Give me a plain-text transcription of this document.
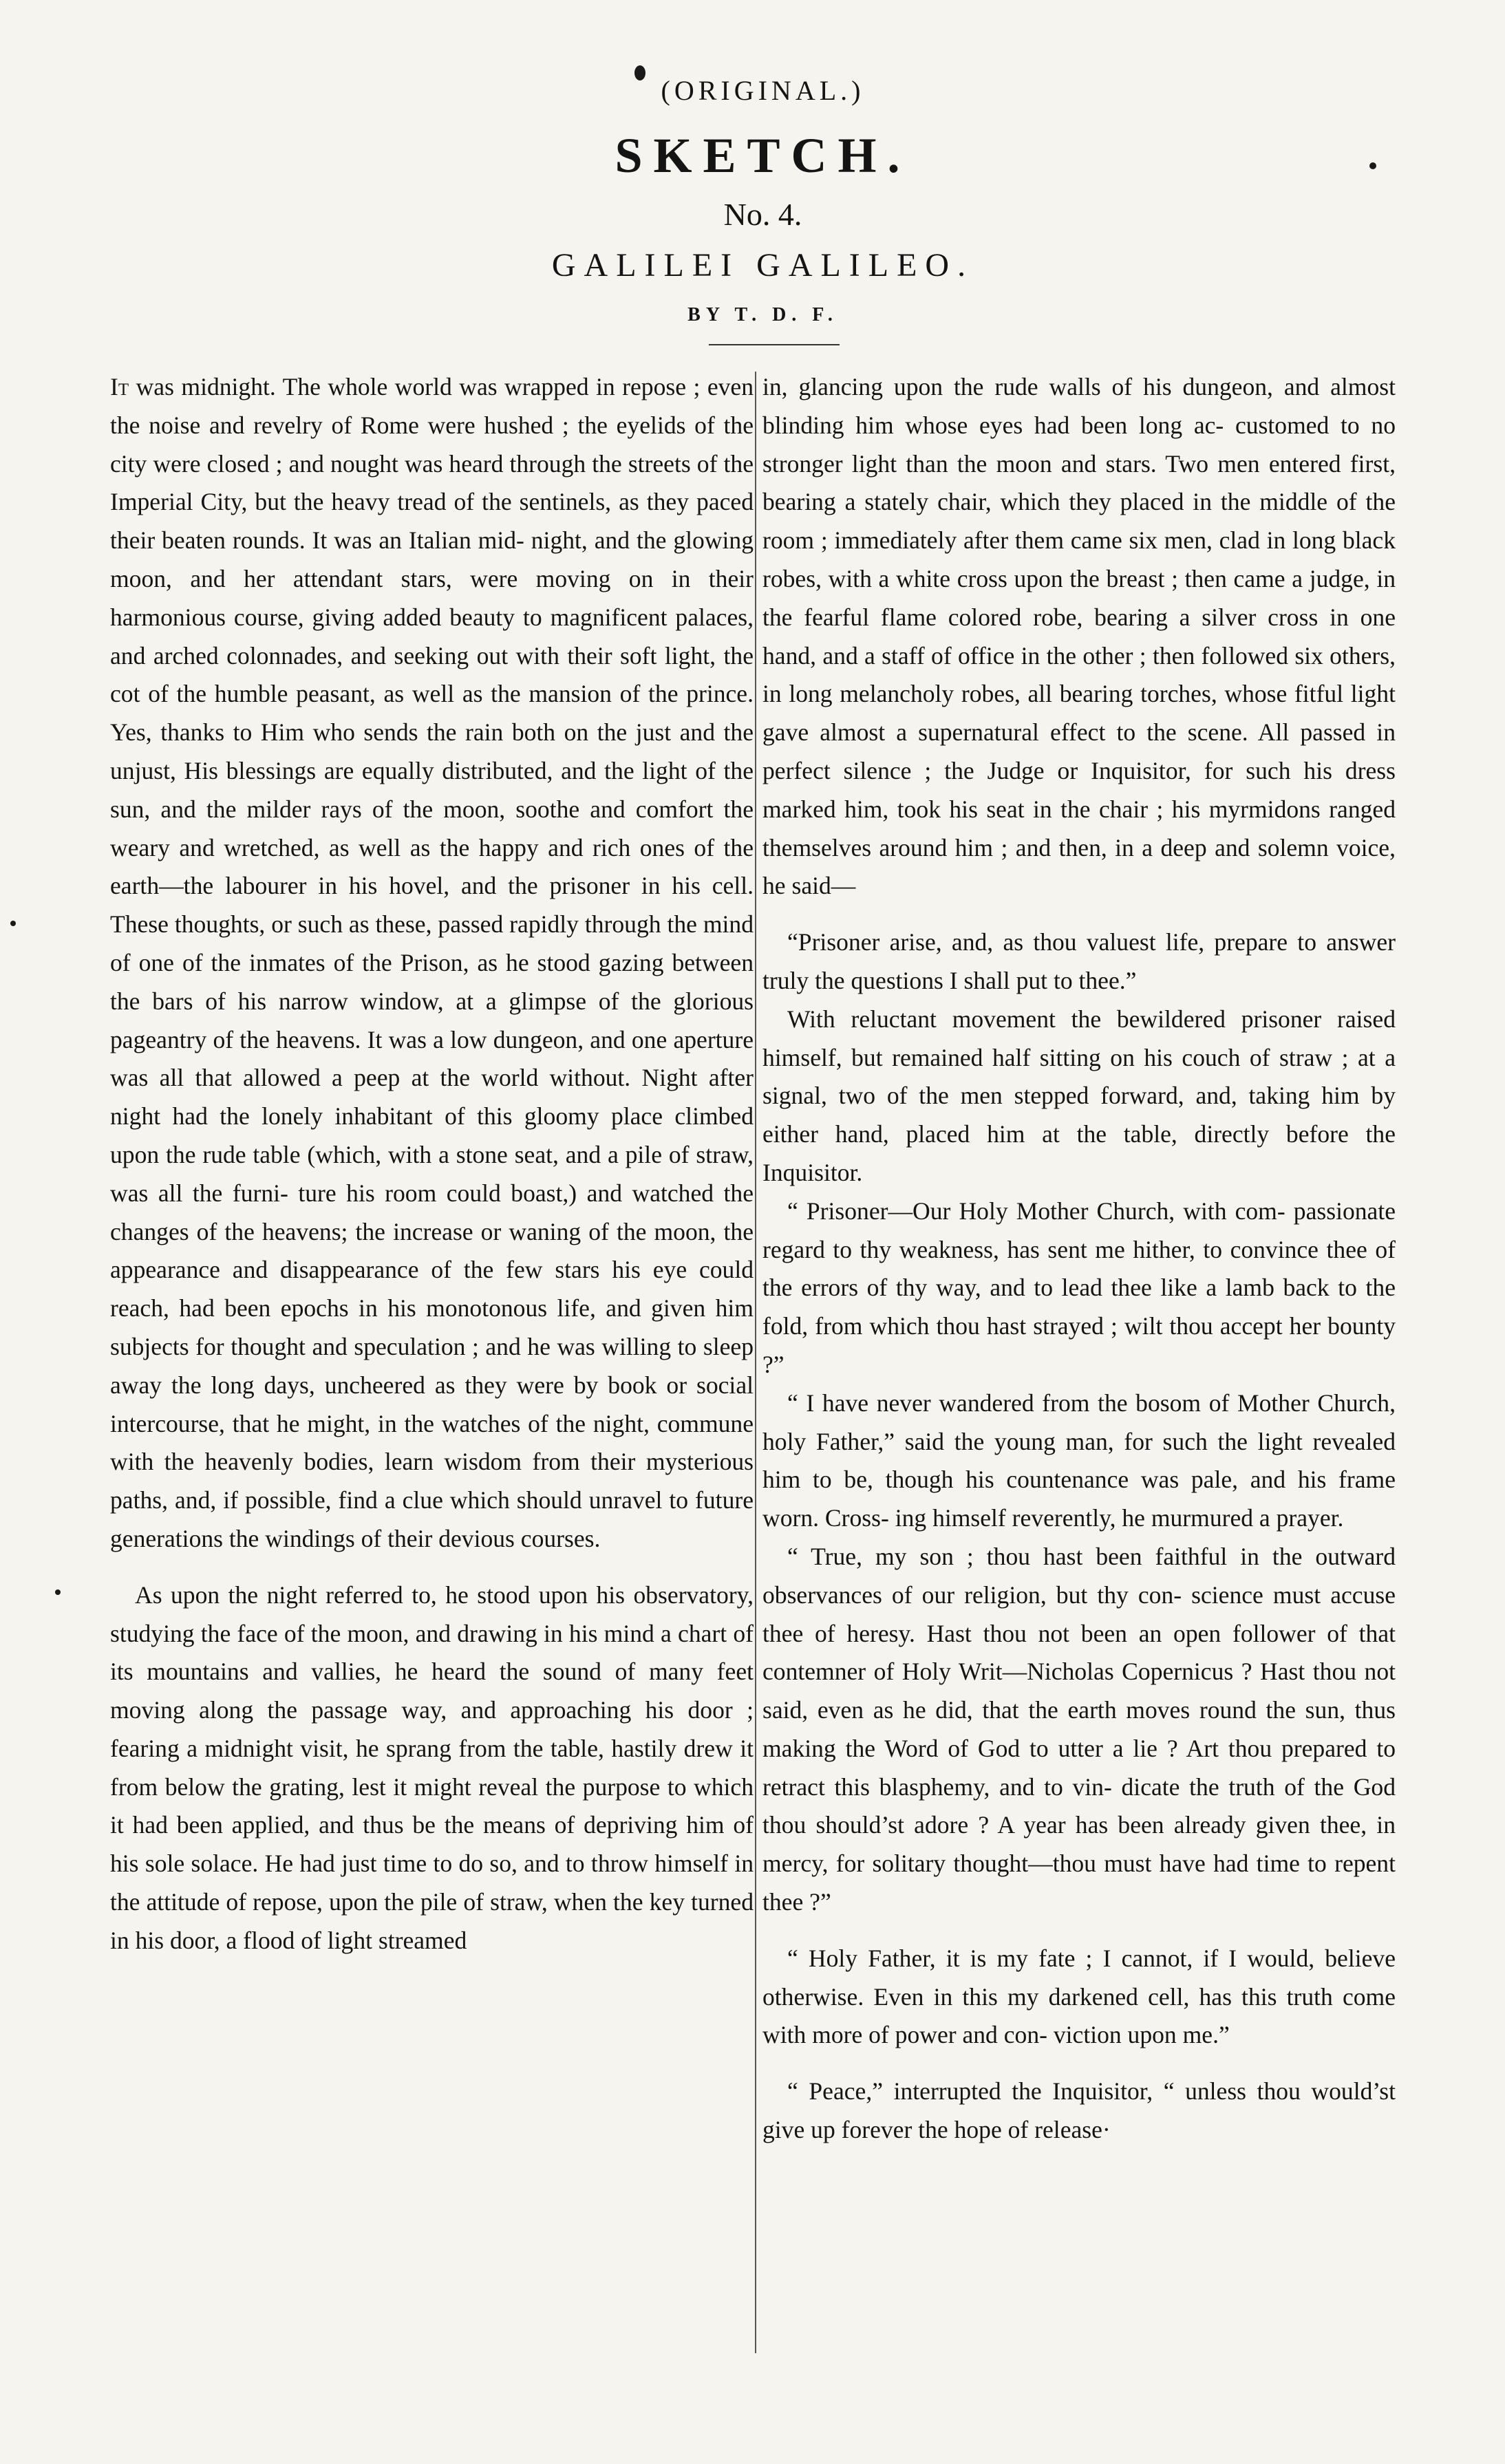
(ORIGINAL.)
SKETCH.
No. 4.
GALILEI GALILEO.
BY T. D. F.

It was midnight. The whole world was wrapped in repose ; even the noise and revelry of Rome were hushed ; the eyelids of the city were closed ; and nought was heard through the streets of the Imperial City, but the heavy tread of the sentinels, as they paced their beaten rounds. It was an Italian mid- night, and the glowing moon, and her attendant stars, were moving on in their harmonious course, giving added beauty to magnificent palaces, and arched colonnades, and seeking out with their soft light, the cot of the humble peasant, as well as the mansion of the prince. Yes, thanks to Him who sends the rain both on the just and the unjust, His blessings are equally distributed, and the light of the sun, and the milder rays of the moon, soothe and comfort the weary and wretched, as well as the happy and rich ones of the earth—the labourer in his hovel, and the prisoner in his cell. These thoughts, or such as these, passed rapidly through the mind of one of the inmates of the Prison, as he stood gazing between the bars of his narrow window, at a glimpse of the glorious pageantry of the heavens. It was a low dungeon, and one aperture was all that allowed a peep at the world without. Night after night had the lonely inhabitant of this gloomy place climbed upon the rude table (which, with a stone seat, and a pile of straw, was all the furni- ture his room could boast,) and watched the changes of the heavens; the increase or waning of the moon, the appearance and disappearance of the few stars his eye could reach, had been epochs in his monotonous life, and given him subjects for thought and speculation ; and he was willing to sleep away the long days, uncheered as they were by book or social intercourse, that he might, in the watches of the night, commune with the heavenly bodies, learn wisdom from their mysterious paths, and, if possible, find a clue which should unravel to future generations the windings of their devious courses.

As upon the night referred to, he stood upon his observatory, studying the face of the moon, and drawing in his mind a chart of its mountains and vallies, he heard the sound of many feet moving along the passage way, and approaching his door ; fearing a midnight visit, he sprang from the table, hastily drew it from below the grating, lest it might reveal the purpose to which it had been applied, and thus be the means of depriving him of his sole solace. He had just time to do so, and to throw himself in the attitude of repose, upon the pile of straw, when the key turned in his door, a flood of light streamed

in, glancing upon the rude walls of his dungeon, and almost blinding him whose eyes had been long ac- customed to no stronger light than the moon and stars. Two men entered first, bearing a stately chair, which they placed in the middle of the room ; immediately after them came six men, clad in long black robes, with a white cross upon the breast ; then came a judge, in the fearful flame colored robe, bearing a silver cross in one hand, and a staff of office in the other ; then followed six others, in long melancholy robes, all bearing torches, whose fitful light gave almost a supernatural effect to the scene. All passed in perfect silence ; the Judge or Inquisitor, for such his dress marked him, took his seat in the chair ; his myrmidons ranged themselves around him ; and then, in a deep and solemn voice, he said—

“Prisoner arise, and, as thou valuest life, prepare to answer truly the questions I shall put to thee.”

With reluctant movement the bewildered prisoner raised himself, but remained half sitting on his couch of straw ; at a signal, two of the men stepped forward, and, taking him by either hand, placed him at the table, directly before the Inquisitor.

“ Prisoner—Our Holy Mother Church, with com- passionate regard to thy weakness, has sent me hither, to convince thee of the errors of thy way, and to lead thee like a lamb back to the fold, from which thou hast strayed ; wilt thou accept her bounty ?”

“ I have never wandered from the bosom of Mother Church, holy Father,” said the young man, for such the light revealed him to be, though his countenance was pale, and his frame worn. Cross- ing himself reverently, he murmured a prayer.

“ True, my son ; thou hast been faithful in the outward observances of our religion, but thy con- science must accuse thee of heresy. Hast thou not been an open follower of that contemner of Holy Writ—Nicholas Copernicus ? Hast thou not said, even as he did, that the earth moves round the sun, thus making the Word of God to utter a lie ? Art thou prepared to retract this blasphemy, and to vin- dicate the truth of the God thou should’st adore ? A year has been already given thee, in mercy, for solitary thought—thou must have had time to repent thee ?”

“ Holy Father, it is my fate ; I cannot, if I would, believe otherwise. Even in this my darkened cell, has this truth come with more of power and con- viction upon me.”

“ Peace,” interrupted the Inquisitor, “ unless thou would’st give up forever the hope of release·
